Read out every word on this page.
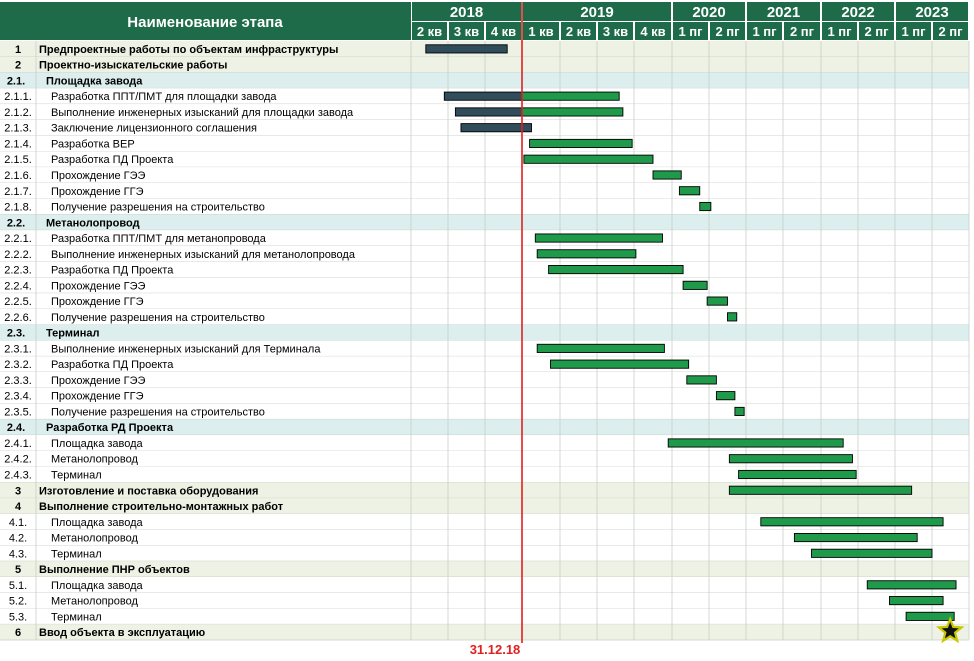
Наименование этапа
2018	2019	2020	2021	2022	2023
2 кв 3 кв 4 кв 1 кв 2 кв 3 кв 4 кв 1 пг 2 пг 1 пг 2 пг 1 пг 2 пг 1 пг 2 пг
1 Предпроектные работы по объектам инфраструктуры
2 Проектно-изыскательские работы
2.1. Площадка завода
2.1.1. Разработка ППТ/ПМТ для площадки завода
2.1.2. Выполнение инженерных изысканий для площадки завода
2.1.3. Заключение лицензионного соглашения
2.1.4. Разработка ВЕР
2.1.5. Разработка ПД Проекта
2.1.6. Прохождение ГЭЭ
2.1.7. Прохождение ГГЭ
2.1.8. Получение разрешения на строительство
2.2. Метанолопровод
2.2.1. Разработка ППТ/ПМТ для метанопровода
2.2.2. Выполнение инженерных изысканий для метанолопровода
2.2.3. Разработка ПД Проекта
2.2.4. Прохождение ГЭЭ
2.2.5. Прохождение ГГЭ
2.2.6. Получение разрешения на строительство
2.3. Терминал
2.3.1. Выполнение инженерных изысканий для Терминала
2.3.2. Разработка ПД Проекта
2.3.3. Прохождение ГЭЭ
2.3.4. Прохождение ГГЭ
2.3.5. Получение разрешения на строительство
2.4. Разработка РД Проекта
2.4.1. Площадка завода
2.4.2. Метанолопровод
2.4.3. Терминал
3 Изготовление и поставка оборудования
4 Выполнение строительно-монтажных работ
4.1. Площадка завода
4.2. Метанолопровод
4.3. Терминал
5 Выполнение ПНР объектов
5.1. Площадка завода
5.2. Метанолопровод
5.3. Терминал
6 Ввод объекта в эксплуатацию
31.12.18
